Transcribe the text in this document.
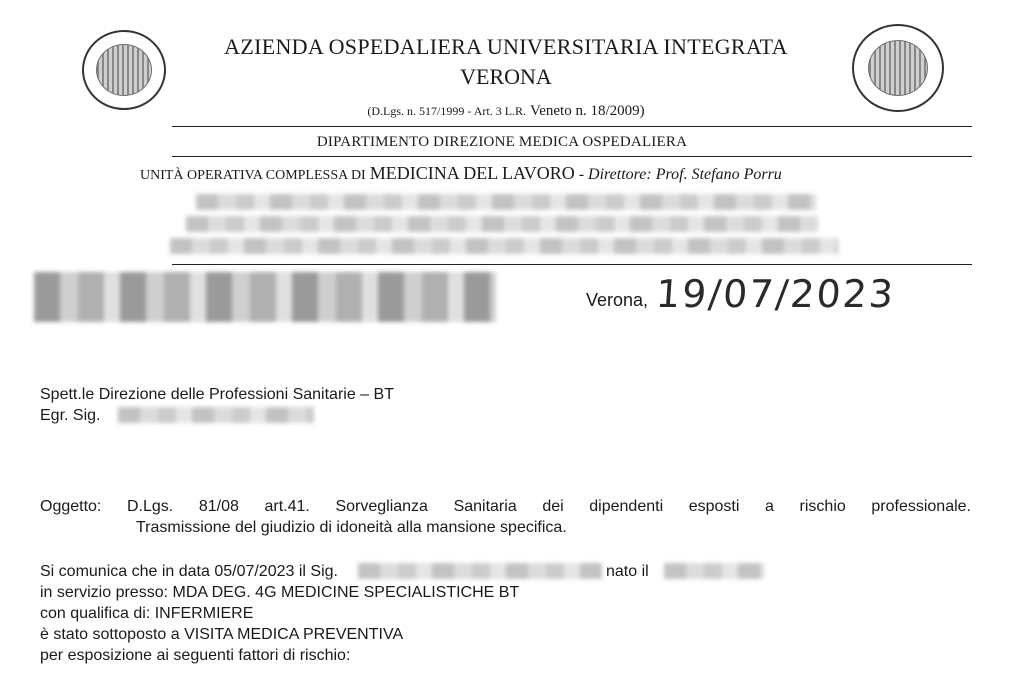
AZIENDA OSPEDALIERA UNIVERSITARIA INTEGRATA
VERONA
(D.Lgs. n. 517/1999 - Art. 3 L.R. Veneto n. 18/2009)
DIPARTIMENTO DIREZIONE MEDICA OSPEDALIERA
UNITÀ OPERATIVA COMPLESSA DI MEDICINA DEL LAVORO - Direttore: Prof. Stefano Porru
Verona, 19/07/2023
Spett.le Direzione delle Professioni Sanitarie – BT
Egr. Sig.
Oggetto: D.Lgs. 81/08 art.41. Sorveglianza Sanitaria dei dipendenti esposti a rischio professionale.
Trasmissione del giudizio di idoneità alla mansione specifica.
Si comunica che in data 05/07/2023 il Sig.	nato il
in servizio presso: MDA DEG. 4G MEDICINE SPECIALISTICHE BT
con qualifica di: INFERMIERE
è stato sottoposto a VISITA MEDICA PREVENTIVA
per esposizione ai seguenti fattori di rischio:
